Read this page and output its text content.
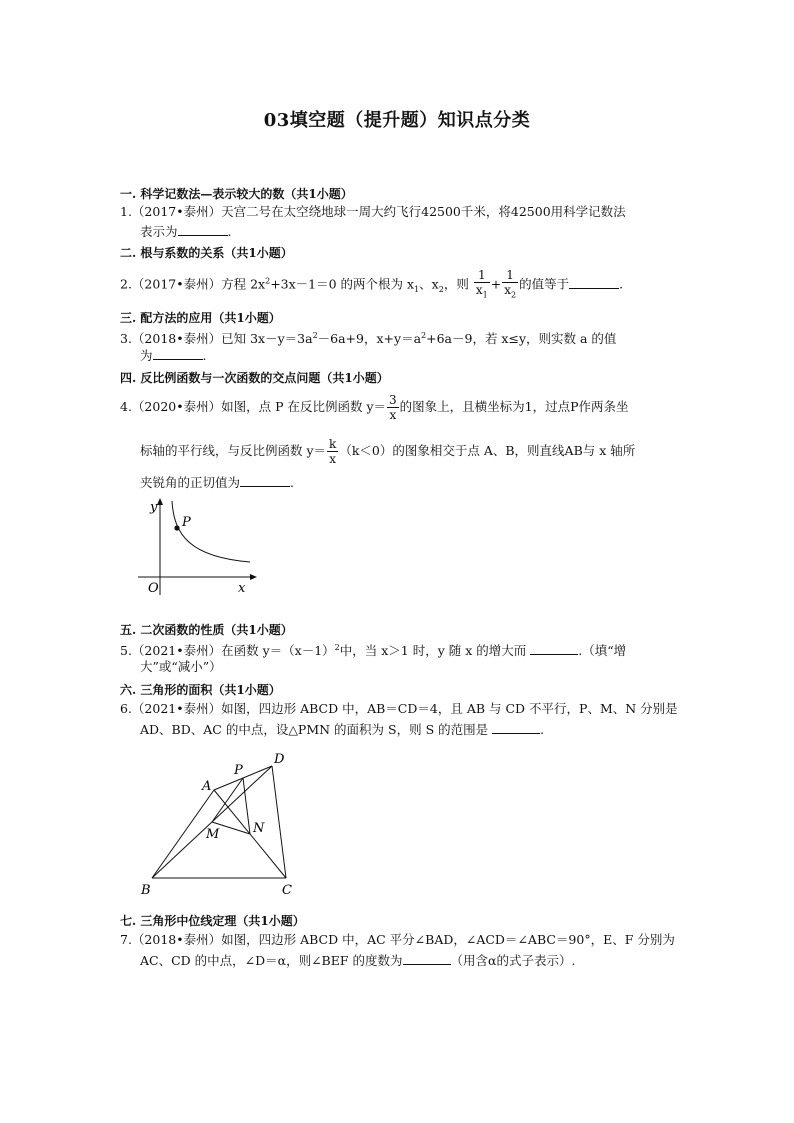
03填空题（提升题）知识点分类
一. 科学记数法—表示较大的数（共1小题）
1.（2017•泰州）天宫二号在太空绕地球一周大约飞行42500千米，将42500用科学记数法
表示为	.
二. 根与系数的关系（共1小题）
2.（2017•泰州）方程 $2x^2+3x-1=0$ 的两个根为 $x_1$、$x_2$，则 $\frac{1}{x_1} + \frac{1}{x_2}$ 的值等于	.
三. 配方法的应用（共1小题）
3.（2018•泰州）已知 $3x-y=3a^2-6a+9$，$x+y=a^2+6a-9$，若 x≤y，则实数 a 的值
为	.
四. 反比例函数与一次函数的交点问题（共1小题）
4.（2020•泰州）如图，点 P 在反比例函数 $y= \frac{3}{x}$ 的图象上，且横坐标为1，过点P作两条坐
标轴的平行线，与反比例函数 $y= \frac{k}{x} (k<0)$的图象相交于点 A、B，则直线AB与 x 轴所
夹锐角的正切值为	.
y
P
O	x
五. 二次函数的性质（共1小题）
5.（2021•泰州）在函数 $y=(x-1)^2$中，当 x＞1 时，y 随 x 的增大而	.（填“增
大”或“减小”）
六. 三角形的面积（共1小题）
6.（2021•泰州）如图，四边形 ABCD 中，AB＝CD＝4，且 AB 与 CD 不平行，P、M、N 分别是
AD、BD、AC 的中点，设△PMN 的面积为 S，则 S 的范围是	.
A
P
D
M	N
B	C
七. 三角形中位线定理（共1小题）
7.（2018•泰州）如图，四边形 ABCD 中，AC 平分∠BAD，∠ACD＝∠ABC＝90°，E、F 分别为
AC、CD 的中点，∠D＝α，则∠BEF 的度数为	（用含α的式子表示）.
